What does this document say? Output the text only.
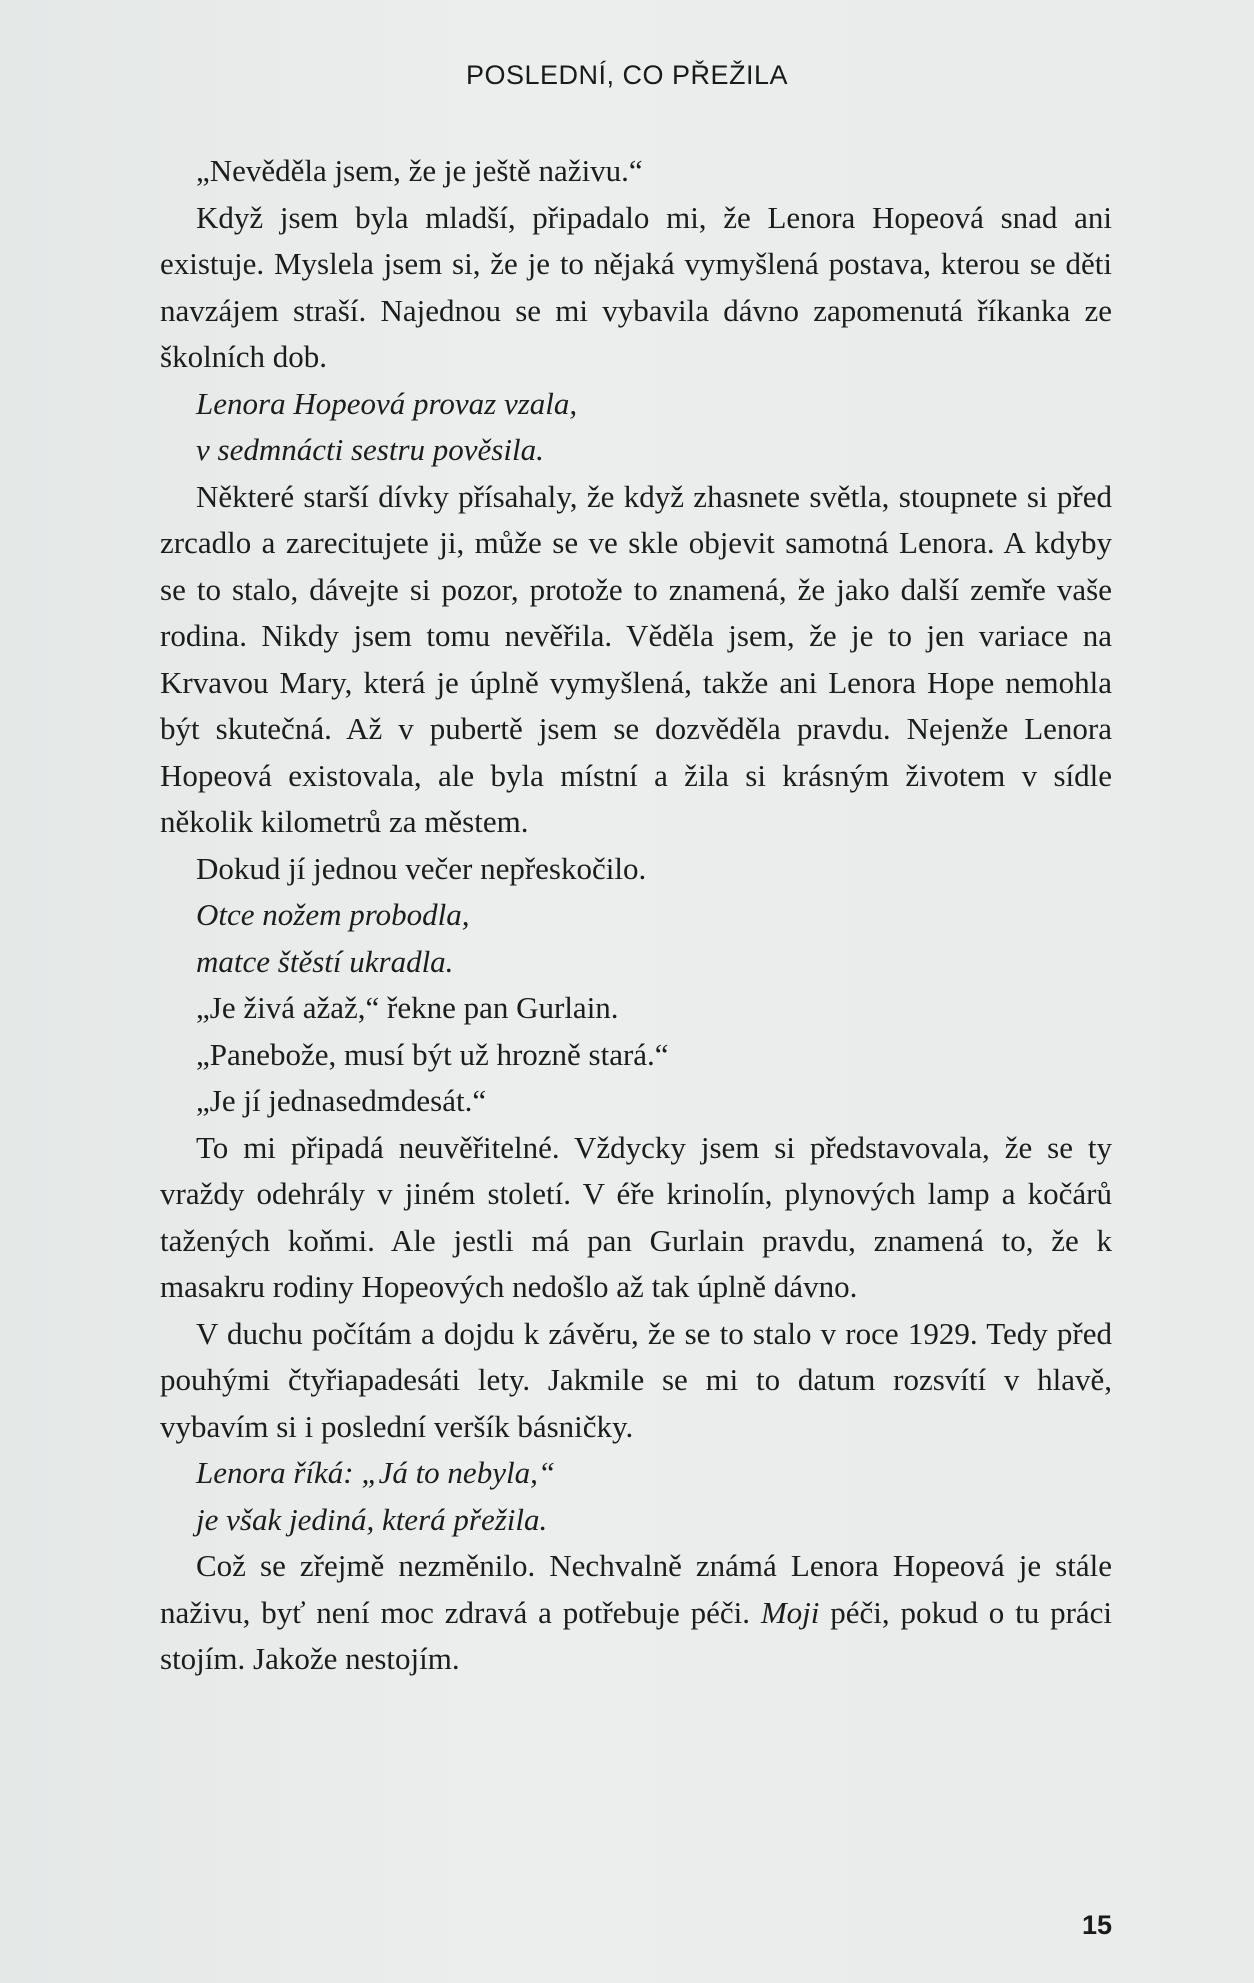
POSLEDNÍ, CO PŘEŽILA

„Nevěděla jsem, že je ještě naživu.“

Když jsem byla mladší, připadalo mi, že Lenora Hopeová snad ani existuje. Myslela jsem si, že je to nějaká vymyšlená postava, kterou se děti navzájem straší. Najednou se mi vybavila dávno zapomenutá říkanka ze školních dob.

Lenora Hopeová provaz vzala,

v sedmnácti sestru pověsila.

Některé starší dívky přísahaly, že když zhasnete světla, stoupnete si před zrcadlo a zarecitujete ji, může se ve skle objevit samotná Lenora. A kdyby se to stalo, dávejte si pozor, protože to znamená, že jako další zemře vaše rodina. Nikdy jsem tomu nevěřila. Věděla jsem, že je to jen variace na Krvavou Mary, která je úplně vymyšlená, takže ani Lenora Hope nemohla být skutečná. Až v pubertě jsem se dozvěděla pravdu. Nejenže Lenora Hopeová existovala, ale byla místní a žila si krásným životem v sídle několik kilometrů za městem.

Dokud jí jednou večer nepřeskočilo.

Otce nožem probodla,

matce štěstí ukradla.

„Je živá ažaž,“ řekne pan Gurlain.

„Panebože, musí být už hrozně stará.“

„Je jí jednasedmdesát.“

To mi připadá neuvěřitelné. Vždycky jsem si představovala, že se ty vraždy odehrály v jiném století. V éře krinolín, plynových lamp a kočárů tažených koňmi. Ale jestli má pan Gurlain pravdu, znamená to, že k masakru rodiny Hopeových nedošlo až tak úplně dávno.

V duchu počítám a dojdu k závěru, že se to stalo v roce 1929. Tedy před pouhými čtyřiapadesáti lety. Jakmile se mi to datum rozsvítí v hlavě, vybavím si i poslední veršík básničky.

Lenora říká: „Já to nebyla,“

je však jediná, která přežila.

Což se zřejmě nezměnilo. Nechvalně známá Lenora Hopeová je stále naživu, byť není moc zdravá a potřebuje péči. Moji péči, pokud o tu práci stojím. Jakože nestojím.

15
